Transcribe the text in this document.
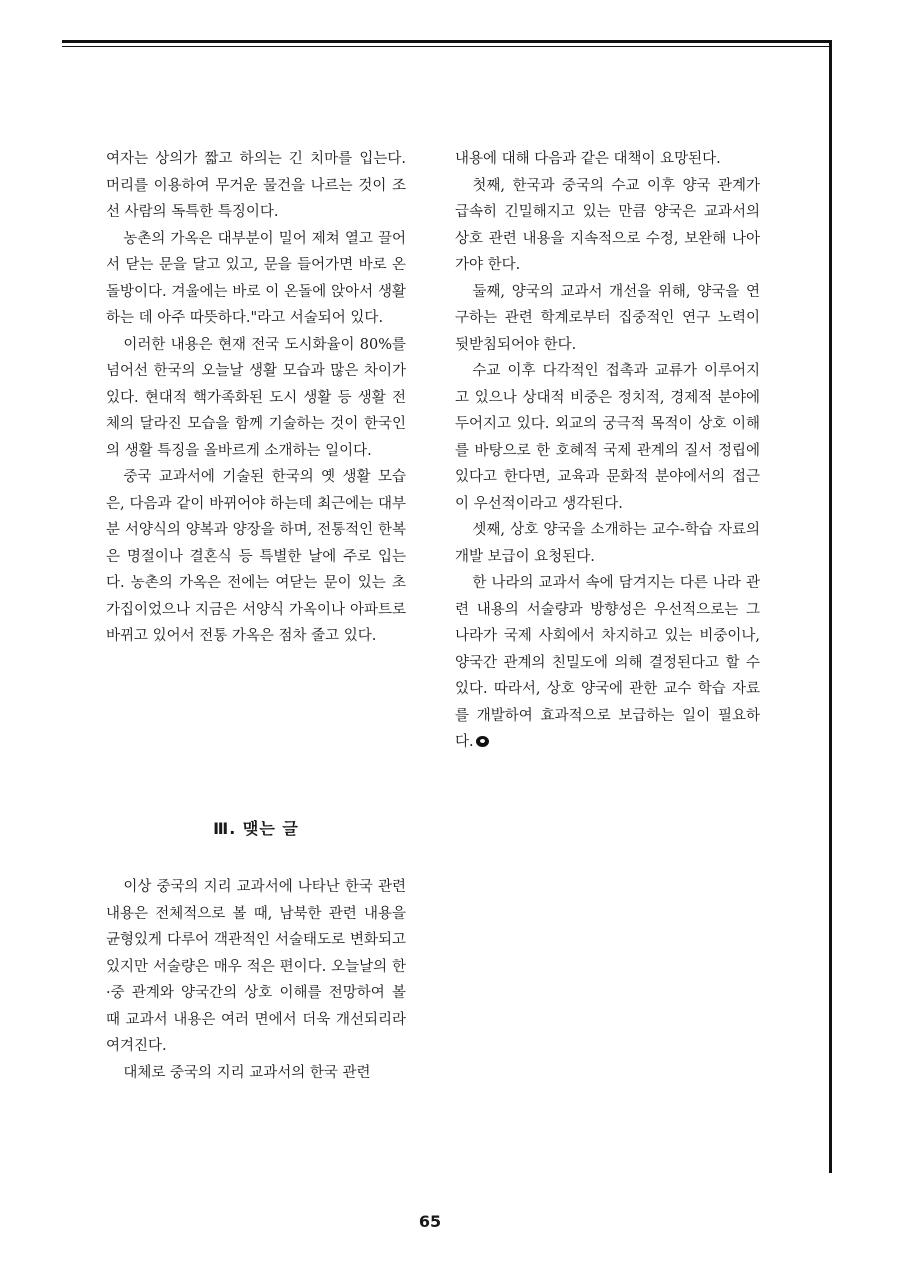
여자는 상의가 짧고 하의는 긴 치마를 입는다. 머리를 이용하여 무거운 물건을 나르는 것이 조선 사람의 독특한 특징이다.

농촌의 가옥은 대부분이 밀어 제쳐 열고 끌어서 닫는 문을 달고 있고, 문을 들어가면 바로 온돌방이다. 겨울에는 바로 이 온돌에 앉아서 생활하는 데 아주 따뜻하다."라고 서술되어 있다.

이러한 내용은 현재 전국 도시화율이 80%를 넘어선 한국의 오늘날 생활 모습과 많은 차이가 있다. 현대적 핵가족화된 도시 생활 등 생활 전체의 달라진 모습을 함께 기술하는 것이 한국인의 생활 특징을 올바르게 소개하는 일이다.

중국 교과서에 기술된 한국의 옛 생활 모습은, 다음과 같이 바뀌어야 하는데 최근에는 대부분 서양식의 양복과 양장을 하며, 전통적인 한복은 명절이나 결혼식 등 특별한 날에 주로 입는다. 농촌의 가옥은 전에는 여닫는 문이 있는 초가집이었으나 지금은 서양식 가옥이나 아파트로 바뀌고 있어서 전통 가옥은 점차 줄고 있다.

Ⅲ. 맺는 글

이상 중국의 지리 교과서에 나타난 한국 관련 내용은 전체적으로 볼 때, 남북한 관련 내용을 균형있게 다루어 객관적인 서술태도로 변화되고 있지만 서술량은 매우 적은 편이다. 오늘날의 한·중 관계와 양국간의 상호 이해를 전망하여 볼 때 교과서 내용은 여러 면에서 더욱 개선되리라 여겨진다.

대체로 중국의 지리 교과서의 한국 관련

내용에 대해 다음과 같은 대책이 요망된다.

첫째, 한국과 중국의 수교 이후 양국 관계가 급속히 긴밀해지고 있는 만큼 양국은 교과서의 상호 관련 내용을 지속적으로 수정, 보완해 나아가야 한다.

둘째, 양국의 교과서 개선을 위해, 양국을 연구하는 관련 학계로부터 집중적인 연구 노력이 뒷받침되어야 한다.

수교 이후 다각적인 접촉과 교류가 이루어지고 있으나 상대적 비중은 정치적, 경제적 분야에 두어지고 있다. 외교의 궁극적 목적이 상호 이해를 바탕으로 한 호혜적 국제 관계의 질서 정립에 있다고 한다면, 교육과 문화적 분야에서의 접근이 우선적이라고 생각된다.

셋째, 상호 양국을 소개하는 교수-학습 자료의 개발 보급이 요청된다.

한 나라의 교과서 속에 담겨지는 다른 나라 관련 내용의 서술량과 방향성은 우선적으로는 그 나라가 국제 사회에서 차지하고 있는 비중이나, 양국간 관계의 친밀도에 의해 결정된다고 할 수 있다. 따라서, 상호 양국에 관한 교수 학습 자료를 개발하여 효과적으로 보급하는 일이 필요하다.

65
